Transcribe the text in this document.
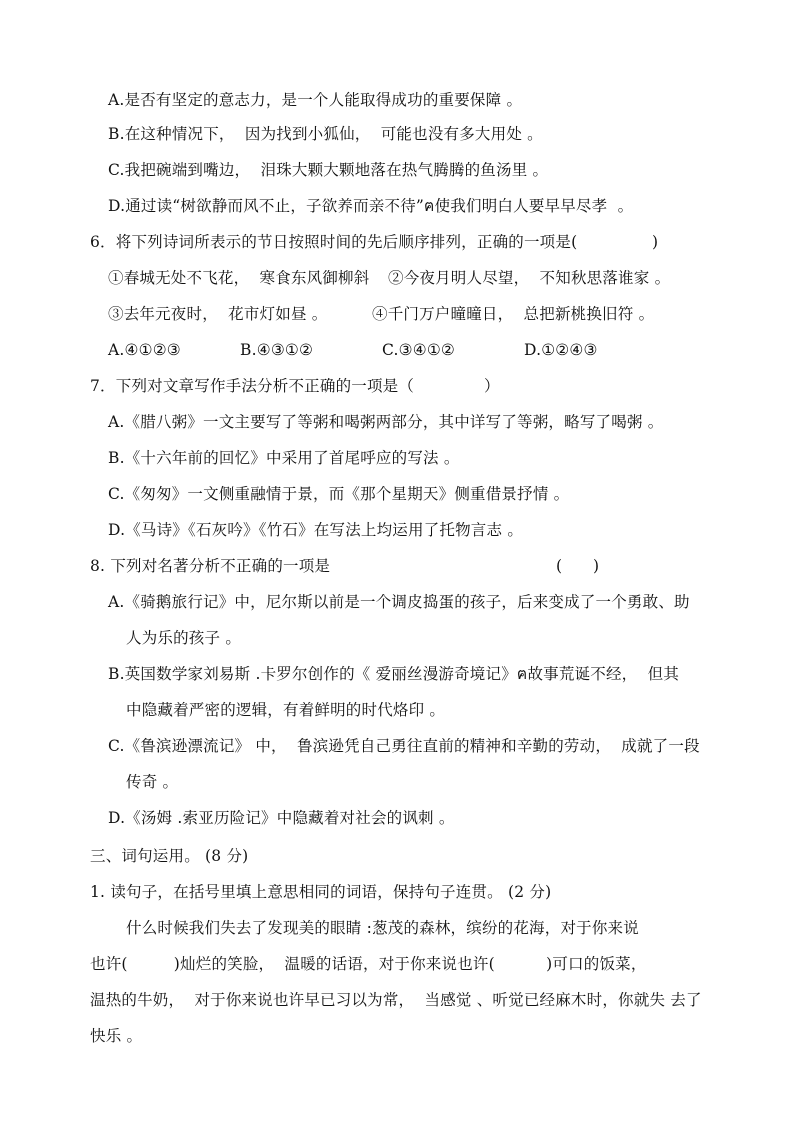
A.是否有坚定的意志力，是一个人能取得成功的重要保障 。
B.在这种情况下，  因为找到小狐仙，  可能也没有多大用处 。
C.我把碗端到嘴边，  泪珠大颗大颗地落在热气腾腾的鱼汤里 。
D.通过读“树欲静而风不止，子欲养而亲不待”ฅ使我们明白人要早早尽孝  。
6．将下列诗词所表示的节日按照时间的先后顺序排列，正确的一项是(	)
①春城无处不飞花，  寒食东风御柳斜 ②今夜月明人尽望，  不知秋思落谁家 。
③去年元夜时，  花市灯如昼 。	④千门万户曈曈日，  总把新桃换旧符 。
A.④①②③	B.④③①②	C.③④①②	D.①②④③
7．下列对文章写作手法分析不正确的一项是（	）
A.《腊八粥》一文主要写了等粥和喝粥两部分，其中详写了等粥，略写了喝粥 。
B.《十六年前的回忆》中采用了首尾呼应的写法 。
C.《匆匆》一文侧重融情于景，而《那个星期天》侧重借景抒情 。
D.《马诗》《石灰吟》《竹石》在写法上均运用了托物言志 。
8. 下列对名著分析不正确的一项是	(      )
A.《骑鹅旅行记》中，尼尔斯以前是一个调皮捣蛋的孩子，后来变成了一个勇敢、助
人为乐的孩子 。
B.英国数学家刘易斯 .卡罗尔创作的《 爱丽丝漫游奇境记》ฅ故事荒诞不经，  但其
中隐藏着严密的逻辑，有着鲜明的时代烙印 。
C.《鲁滨逊漂流记》 中，  鲁滨逊凭自己勇往直前的精神和辛勤的劳动，  成就了一段
传奇 。
D.《汤姆 .索亚历险记》中隐藏着对社会的讽刺 。
三、词句运用。 (8 分)
1. 读句子，在括号里填上意思相同的词语，保持句子连贯。 (2 分)
什么时候我们失去了发现美的眼睛 :葱茂的森林，缤纷的花海，对于你来说
也许(         )灿烂的笑脸，  温暖的话语，对于你来说也许(          )可口的饭菜，
温热的牛奶，  对于你来说也许早已习以为常，  当感觉 、听觉已经麻木时，你就失 去了
快乐 。
